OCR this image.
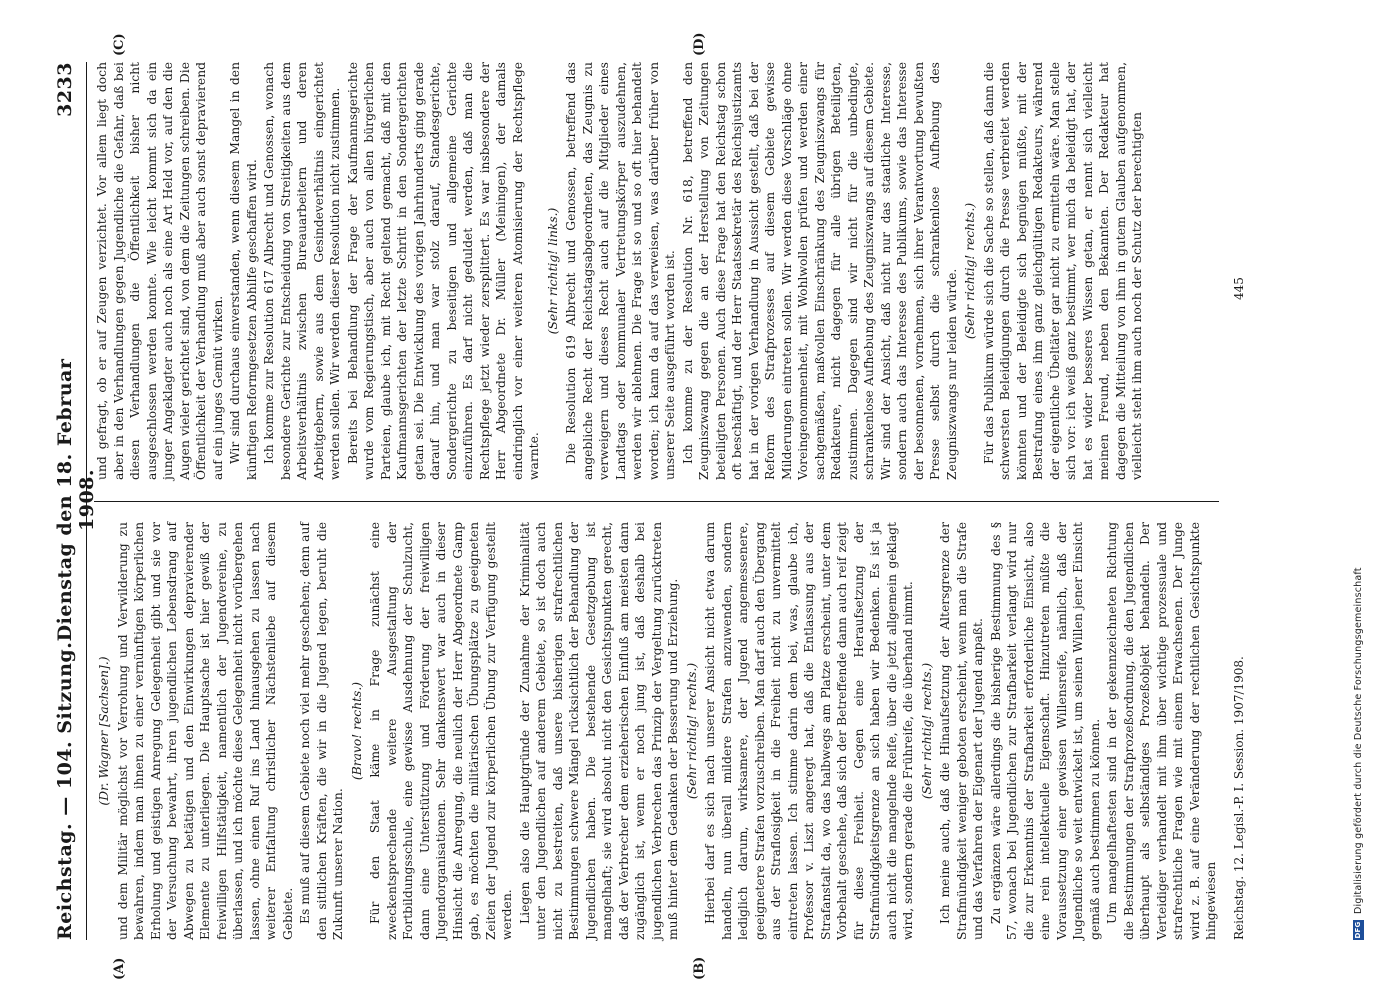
Reichstag. — 104. Sitzung.
Dienstag den 18. Februar 1908.
3233
(A)	(B)
(C)	(D)

(Dr. Wagner [Sachsen].) und dem Militär möglichst vor Verrohung und Verwilderung zu bewahren, indem man ihnen zu einer vernünftigen körperlichen Erholung und geistigen Anregung Gelegenheit gibt und sie vor der Versuchung bewahrt, ihren jugendlichen Lebensdrang auf Abwegen zu betätigen und den Einwirkungen depravierender Elemente zu unterliegen. Die Hauptsache ist hier gewiß der freiwilligen Hilfstätigkeit, namentlich der Jugendvereine, zu überlassen, und ich möchte diese Gelegenheit nicht vorübergehen lassen, ohne einen Ruf ins Land hinausgehen zu lassen nach weiterer Entfaltung christlicher Nächstenliebe auf diesem Gebiete. Es muß auf diesem Gebiete noch viel mehr geschehen; denn auf den sittlichen Kräften, die wir in die Jugend legen, beruht die Zukunft unserer Nation.

(Bravo! rechts.) Für den Staat käme in Frage zunächst eine zweckentsprechende weitere Ausgestaltung der Fortbildungsschule, eine gewisse Ausdehnung der Schulzucht, dann eine Unterstützung und Förderung der freiwilligen Jugendorganisationen. Sehr dankenswert war auch in dieser Hinsicht die Anregung, die neulich der Herr Abgeordnete Gamp gab, es möchten die militärischen Übungsplätze zu geeigneten Zeiten der Jugend zur körperlichen Übung zur Verfügung gestellt werden. Liegen also die Hauptgründe der Zunahme der Kriminalität unter den Jugendlichen auf anderem Gebiete, so ist doch auch nicht zu bestreiten, daß unsere bisherigen strafrechtlichen Bestimmungen schwere Mängel rücksichtlich der Behandlung der Jugendlichen haben. Die bestehende Gesetzgebung ist mangelhaft; sie wird absolut nicht den Gesichtspunkten gerecht, daß der Verbrecher dem erzieherischen Einfluß am meisten dann zugänglich ist, wenn er noch jung ist, daß deshalb bei jugendlichen Verbrechen das Prinzip der Vergeltung zurücktreten muß hinter dem Gedanken der Besserung und Erziehung. (Sehr richtig! rechts.) Hierbei darf es sich nach unserer Ansicht nicht etwa darum handeln, nun überall mildere Strafen anzuwenden, sondern lediglich darum, wirksamere, der Jugend angemessenere, geeignetere Strafen vorzuschreiben. Man darf auch den Übergang aus der Straflosigkeit in die Freiheit nicht zu unvermittelt eintreten lassen. Ich stimme darin dem bei, was, glaube ich, Professor v. Liszt angeregt hat, daß die Entlassung aus der Strafanstalt da, wo das halbwegs am Platze erscheint, unter dem Vorbehalt geschehe, daß sich der Betreffende dann auch reif zeigt für diese Freiheit. Gegen eine Heraufsetzung der Strafmündigkeitsgrenze an sich haben wir Bedenken. Es ist ja auch nicht die mangelnde Reife, über die jetzt allgemein geklagt wird, sondern gerade die Frühreife, die überhand nimmt. (Sehr richtig! rechts.) Ich meine auch, daß die Hinaufsetzung der Altersgrenze der Strafmündigkeit weniger geboten erscheint, wenn man die Strafe und das Verfahren der Eigenart der Jugend anpaßt. Zu ergänzen wäre allerdings die bisherige Bestimmung des § 57, wonach bei Jugendlichen zur Strafbarkeit verlangt wird nur die zur Erkenntnis der Strafbarkeit erforderliche Einsicht, also eine rein intellektuelle Eigenschaft. Hinzutreten müßte die Voraussetzung einer gewissen Willensreife, nämlich, daß der Jugendliche so weit entwickelt ist, um seinen Willen jener Einsicht gemäß auch bestimmen zu können. Um mangelhaftesten sind in der gekennzeichneten Richtung die Bestimmungen der Strafprozeßordnung, die den Jugendlichen überhaupt als selbständiges Prozeßobjekt behandeln. Der Verteidiger verhandelt mit ihm über wichtige prozessuale und strafrechtliche Fragen wie mit einem Erwachsenen. Der Junge wird z. B. auf eine Veränderung der rechtlichen Gesichtspunkte hingewiesen

und gefragt, ob er auf Zeugen verzichtet. Vor allem liegt doch aber in den Verhandlungen gegen Jugendliche die Gefahr, daß bei diesen Verhandlungen die Öffentlichkeit bisher nicht ausgeschlossen werden konnte. Wie leicht kommt sich da ein junger Angeklagter auch noch als eine Art Held vor, auf den die Augen vieler gerichtet sind, von dem die Zeitungen schreiben. Die Öffentlichkeit der Verhandlung muß aber auch sonst depravierend auf ein junges Gemüt wirken. Wir sind durchaus einverstanden, wenn diesem Mangel in den künftigen Reformgesetzen Abhilfe geschaffen wird. Ich komme zur Resolution 617 Albrecht und Genossen, wonach besondere Gerichte zur Entscheidung von Streitigkeiten aus dem Arbeitsverhältnis zwischen Bureauarbeitern und deren Arbeitgebern, sowie aus dem Gesindeverhältnis eingerichtet werden sollen. Wir werden dieser Resolution nicht zustimmen. Bereits bei Behandlung der Frage der Kaufmannsgerichte wurde vom Regierungstisch, aber auch von allen bürgerlichen Parteien, glaube ich, mit Recht geltend gemacht, daß mit den Kaufmannsgerichten der letzte Schritt in den Sondergerichten getan sei. Die Entwicklung des vorigen Jahrhunderts ging gerade darauf hin, und man war stolz darauf, Standesgerichte, Sondergerichte zu beseitigen und allgemeine Gerichte einzuführen. Es darf nicht geduldet werden, daß man die Rechtspflege jetzt wieder zersplittert. Es war insbesondere der Herr Abgeordnete Dr. Müller (Meiningen), der damals eindringlich vor einer weiteren Atomisierung der Rechtspflege warnte.

(Sehr richtig! links.) Die Resolution 619 Albrecht und Genossen, betreffend das angebliche Recht der Reichstagsabgeordneten, das Zeugnis zu verweigern und dieses Recht auch auf die Mitglieder eines Landtags oder kommunaler Vertretungskörper auszudehnen, werden wir ablehnen. Die Frage ist so und so oft hier behandelt worden; ich kann da auf das verweisen, was darüber früher von unserer Seite ausgeführt worden ist. Ich komme zu der Resolution Nr. 618, betreffend den Zeugniszwang gegen die an der Herstellung von Zeitungen beteiligten Personen. Auch diese Frage hat den Reichstag schon oft beschäftigt, und der Herr Staatssekretär des Reichsjustizamts hat in der vorigen Verhandlung in Aussicht gestellt, daß bei der Reform des Strafprozesses auf diesem Gebiete gewisse Milderungen eintreten sollen. Wir werden diese Vorschläge ohne Voreingenommenheit, mit Wohlwollen prüfen und werden einer sachgemäßen, maßvollen Einschränkung des Zeugniszwangs für Redakteure, nicht dagegen für alle übrigen Beteiligten, zustimmen. Dagegen sind wir nicht für die unbedingte, schrankenlose Aufhebung des Zeugniszwangs auf diesem Gebiete. Wir sind der Ansicht, daß nicht nur das staatliche Interesse, sondern auch das Interesse des Publikums, sowie das Interesse der besonnenen, vornehmen, sich ihrer Verantwortung bewußten Presse selbst durch die schrankenlose Aufhebung des Zeugniszwangs nur leiden würde. (Sehr richtig! rechts.) Für das Publikum würde sich die Sache so stellen, daß dann die schwersten Beleidigungen durch die Presse verbreitet werden könnten und der Beleidigte sich begnügen müßte, mit der Bestrafung eines ihm ganz gleichgültigen Redakteurs, während der eigentliche Übeltäter gar nicht zu ermitteln wäre. Man stelle sich vor: ich weiß ganz bestimmt, wer mich da beleidigt hat, der hat es wider besseres Wissen getan, er nennt sich vielleicht meinen Freund, neben den Bekannten. Der Redakteur hat dagegen die Mitteilung von ihm in gutem Glauben aufgenommen, vielleicht steht ihm auch noch der Schutz der berechtigten

Reichstag. 12. Legisl.-P. I. Session. 1907/1908.
445
DFGDigitalisierung gefördert durch die Deutsche Forschungsgemeinschaft
